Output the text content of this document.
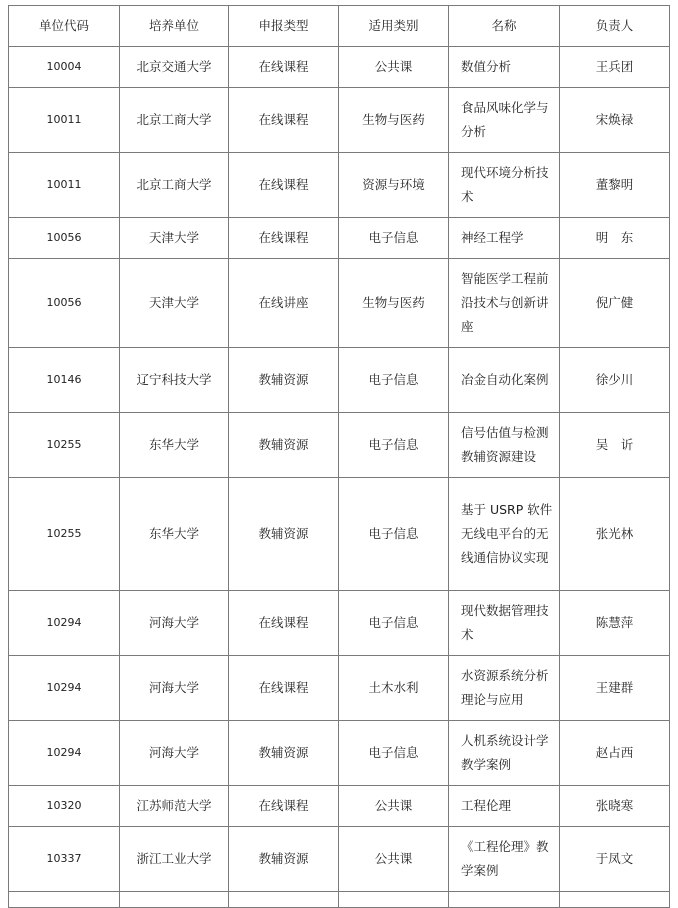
单位代码	培养单位	申报类型	适用类别	名称	负责人
10004	北京交通大学	在线课程	公共课	数值分析	王兵团
10011	北京工商大学	在线课程	生物与医药	食品风味化学与分析	宋焕禄
10011	北京工商大学	在线课程	资源与环境	现代环境分析技术	董黎明
10056	天津大学	在线课程	电子信息	神经工程学	明　东
10056	天津大学	在线讲座	生物与医药	智能医学工程前沿技术与创新讲座	倪广健
10146	辽宁科技大学	教辅资源	电子信息	冶金自动化案例	徐少川
10255	东华大学	教辅资源	电子信息	信号估值与检测教辅资源建设	吴　䜣
10255	东华大学	教辅资源	电子信息	基于 USRP 软件无线电平台的无线通信协议实现	张光林
10294	河海大学	在线课程	电子信息	现代数据管理技术	陈慧萍
10294	河海大学	在线课程	土木水利	水资源系统分析理论与应用	王建群
10294	河海大学	教辅资源	电子信息	人机系统设计学教学案例	赵占西
10320	江苏师范大学	在线课程	公共课	工程伦理	张晓寒
10337	浙江工业大学	教辅资源	公共课	《工程伦理》教学案例	于凤文
